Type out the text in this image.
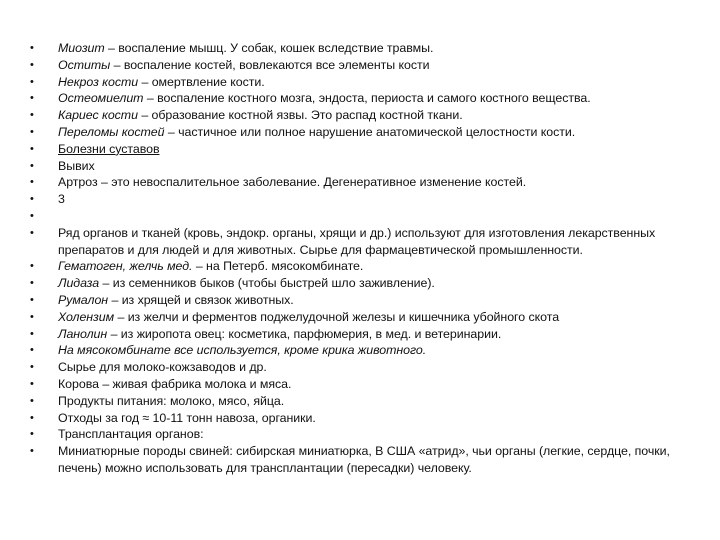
• Миозит – воспаление мышц. У собак, кошек вследствие травмы.
• Оститы – воспаление костей, вовлекаются все элементы кости
• Некроз кости – омертвление кости.
• Остеомиелит – воспаление костного мозга, эндоста, периоста и самого костного вещества.
• Кариес кости – образование костной язвы. Это распад костной ткани.
• Переломы костей – частичное или полное нарушение анатомической целостности кости.
• Болезни суставов
• Вывих
• Артроз – это невоспалительное заболевание. Дегенеративное изменение костей.
• 3
•
• Ряд органов и тканей (кровь, эндокр. органы, хрящи и др.) используют для изготовления лекарственных препаратов и для людей и для животных. Сырье для фармацевтической промышленности.
• Гематоген, желчь мед. – на Петерб. мясокомбинате.
• Лидаза – из семенников быков (чтобы быстрей шло заживление).
• Румалон – из хрящей и связок животных.
• Холензим – из желчи и ферментов поджелудочной железы и кишечника убойного скота
• Ланолин – из жиропота овец: косметика, парфюмерия, в мед. и ветеринарии.
• На мясокомбинате все используется, кроме крика животного.
• Сырье для молоко-кожзаводов и др.
• Корова – живая фабрика молока и мяса.
• Продукты питания: молоко, мясо, яйца.
• Отходы за год ≈ 10-11 тонн навоза, органики.
• Трансплантация органов:
• Миниатюрные породы свиней: сибирская миниатюрка, В США «атрид», чьи органы (легкие, сердце, почки, печень) можно использовать для трансплантации (пересадки) человеку.
